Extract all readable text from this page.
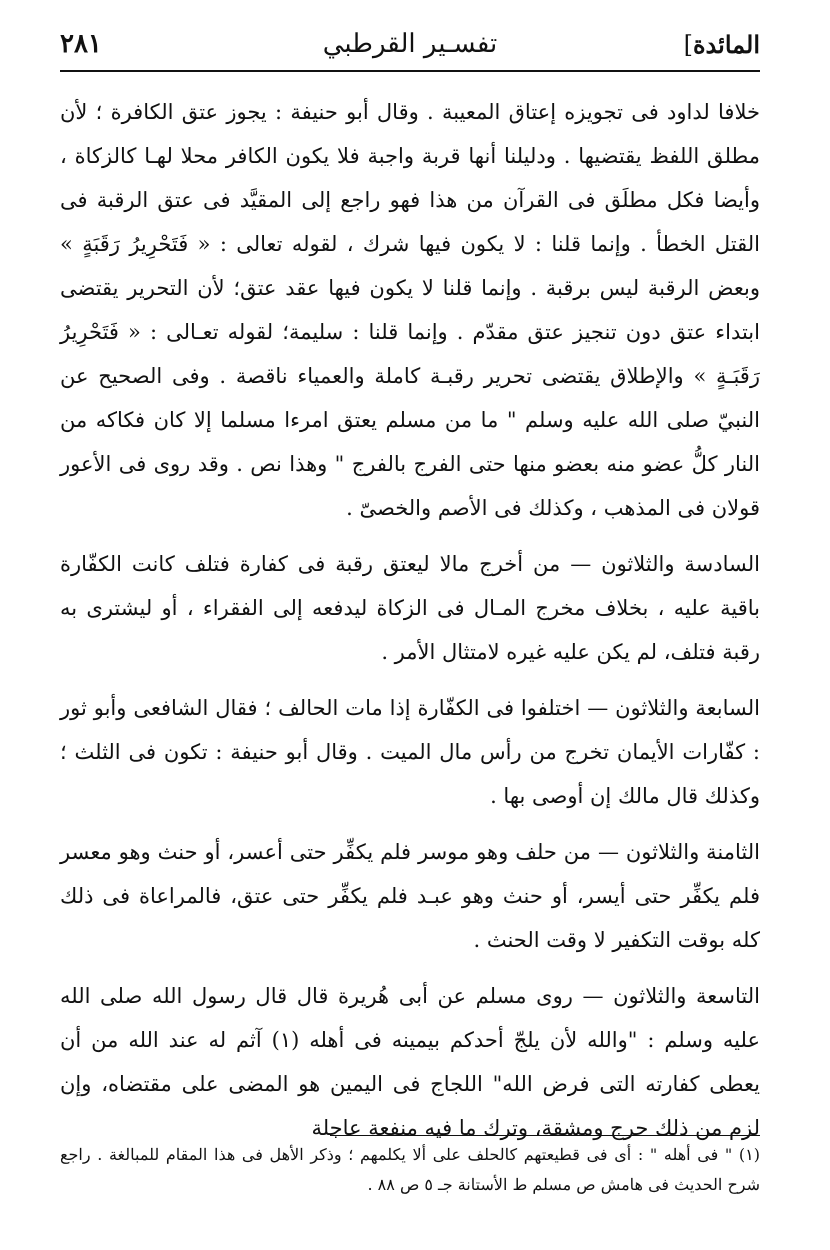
المائدة]
تفسـير القرطبي
٢٨١

خلافا لداود فى تجويزه إعتاق المعيبة . وقال أبو حنيفة : يجوز عتق الكافرة ؛ لأن مطلق اللفظ يقتضيها . ودليلنا أنها قربة واجبة فلا يكون الكافر محلا لهـا كالزكاة ، وأيضا فكل مطلَق فى القرآن من هذا فهو راجع إلى المقيَّد فى عتق الرقبة فى القتل الخطأ . وإنما قلنا : لا يكون فيها شرك ، لقوله تعالى : « فَتَحْرِيرُ رَقَبَةٍ » وبعض الرقبة ليس برقبة . وإنما قلنا لا يكون فيها عقد عتق؛ لأن التحرير يقتضى ابتداء عتق دون تنجيز عتق مقدّم . وإنما قلنا : سليمة؛ لقوله تعـالى : « فَتَحْرِيرُ رَقَبَـةٍ » والإطلاق يقتضى تحرير رقبـة كاملة والعمياء ناقصة . وفى الصحيح عن النبيّ صلى الله عليه وسلم " ما من مسلم يعتق امرءا مسلما إلا كان فكاكه من النار كلُّ عضو منه بعضو منها حتى الفرج بالفرج " وهذا نص . وقد روى فى الأعور قولان فى المذهب ، وكذلك فى الأصم والخصىّ .

السادسة والثلاثون — من أخرج مالا ليعتق رقبة فى كفارة فتلف كانت الكفّارة باقية عليه ، بخلاف مخرج المـال فى الزكاة ليدفعه إلى الفقراء ، أو ليشترى به رقبة فتلف، لم يكن عليه غيره لامتثال الأمر .

السابعة والثلاثون — اختلفوا فى الكفّارة إذا مات الحالف ؛ فقال الشافعى وأبو ثور : كفّارات الأيمان تخرج من رأس مال الميت . وقال أبو حنيفة : تكون فى الثلث ؛ وكذلك قال مالك إن أوصى بها .

الثامنة والثلاثون — من حلف وهو موسر فلم يكفِّر حتى أعسر، أو حنث وهو معسر فلم يكفِّر حتى أيسر، أو حنث وهو عبـد فلم يكفِّر حتى عتق، فالمراعاة فى ذلك كله بوقت التكفير لا وقت الحنث .

التاسعة والثلاثون — روى مسلم عن أبى هُريرة قال قال رسول الله صلى الله عليه وسلم : "والله لأن يلجّ أحدكم بيمينه فى أهله (١) آثم له عند الله من أن يعطى كفارته التى فرض الله" اللجاج فى اليمين هو المضى على مقتضاه، وإن لزم من ذلك حرج ومشقة، وترك ما فيه منفعة عاجلة

(١) " فى أهله " : أى فى قطيعتهم كالحلف على ألا يكلمهم ؛ وذكر الأهل فى هذا المقام للمبالغة . راجع شرح الحديث فى هامش ص مسلم ط الأستانة جـ ٥ ص ٨٨ .
